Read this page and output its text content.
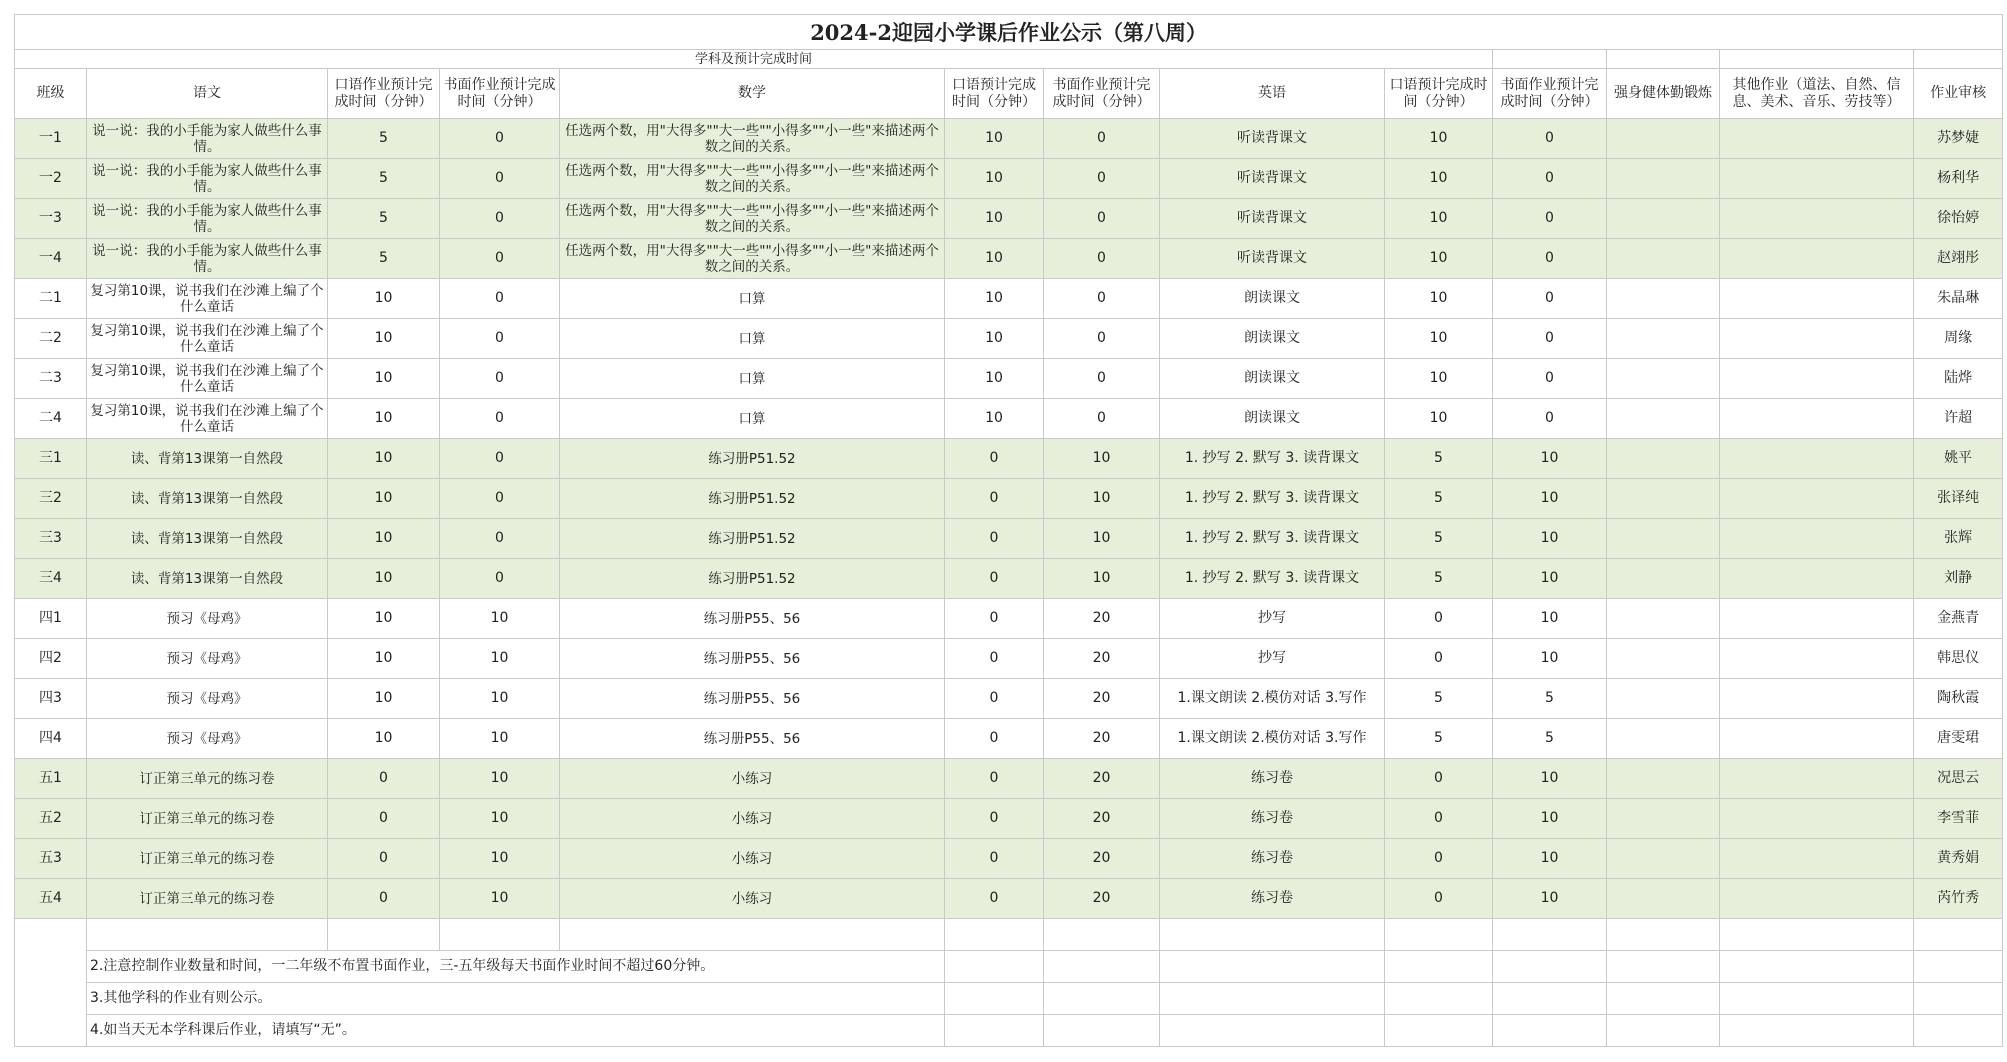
2024-2迎园小学课后作业公示（第八周）												
学科及预计完成时间												
班级	语文	口语作业预计完成时间（分钟）	书面作业预计完成时间（分钟）	数学	口语预计完成时间（分钟）	书面作业预计完成时间（分钟）	英语	口语预计完成时间（分钟）	书面作业预计完成时间（分钟）	强身健体勤锻炼	其他作业（道法、自然、信息、美术、音乐、劳技等）	作业审核
一1	说一说：我的小手能为家人做些什么事情。	5	0	任选两个数，用"大得多""大一些""小得多""小一些"来描述两个数之间的关系。	10	0	听读背课文	10	0			苏梦婕
一2	说一说：我的小手能为家人做些什么事情。	5	0	任选两个数，用"大得多""大一些""小得多""小一些"来描述两个数之间的关系。	10	0	听读背课文	10	0			杨利华
一3	说一说：我的小手能为家人做些什么事情。	5	0	任选两个数，用"大得多""大一些""小得多""小一些"来描述两个数之间的关系。	10	0	听读背课文	10	0			徐怡婷
一4	说一说：我的小手能为家人做些什么事情。	5	0	任选两个数，用"大得多""大一些""小得多""小一些"来描述两个数之间的关系。	10	0	听读背课文	10	0			赵翊彤
二1	复习第10课，说书我们在沙滩上编了个什么童话	10	0	口算	10	0	朗读课文	10	0			朱晶琳
二2	复习第10课，说书我们在沙滩上编了个什么童话	10	0	口算	10	0	朗读课文	10	0			周缘
二3	复习第10课，说书我们在沙滩上编了个什么童话	10	0	口算	10	0	朗读课文	10	0			陆烨
二4	复习第10课，说书我们在沙滩上编了个什么童话	10	0	口算	10	0	朗读课文	10	0			许超
三1	读、背第13课第一自然段	10	0	练习册P51.52	0	10	1. 抄写 2. 默写 3. 读背课文	5	10			姚平
三2	读、背第13课第一自然段	10	0	练习册P51.52	0	10	1. 抄写 2. 默写 3. 读背课文	5	10			张译纯
三3	读、背第13课第一自然段	10	0	练习册P51.52	0	10	1. 抄写 2. 默写 3. 读背课文	5	10			张辉
三4	读、背第13课第一自然段	10	0	练习册P51.52	0	10	1. 抄写 2. 默写 3. 读背课文	5	10			刘静
四1	预习《母鸡》	10	10	练习册P55、56	0	20	抄写	0	10			金燕青
四2	预习《母鸡》	10	10	练习册P55、56	0	20	抄写	0	10			韩思仪
四3	预习《母鸡》	10	10	练习册P55、56	0	20	1.课文朗读 2.模仿对话 3.写作	5	5			陶秋霞
四4	预习《母鸡》	10	10	练习册P55、56	0	20	1.课文朗读 2.模仿对话 3.写作	5	5			唐雯珺
五1	订正第三单元的练习卷	0	10	小练习	0	20	练习卷	0	10			况思云
五2	订正第三单元的练习卷	0	10	小练习	0	20	练习卷	0	10			李雪菲
五3	订正第三单元的练习卷	0	10	小练习	0	20	练习卷	0	10			黄秀娟
五4	订正第三单元的练习卷	0	10	小练习	0	20	练习卷	0	10			芮竹秀

	2.注意控制作业数量和时间，一二年级不布置书面作业，三-五年级每天书面作业时间不超过60分钟。											
	3.其他学科的作业有则公示。											
	4.如当天无本学科课后作业，请填写“无”。											
